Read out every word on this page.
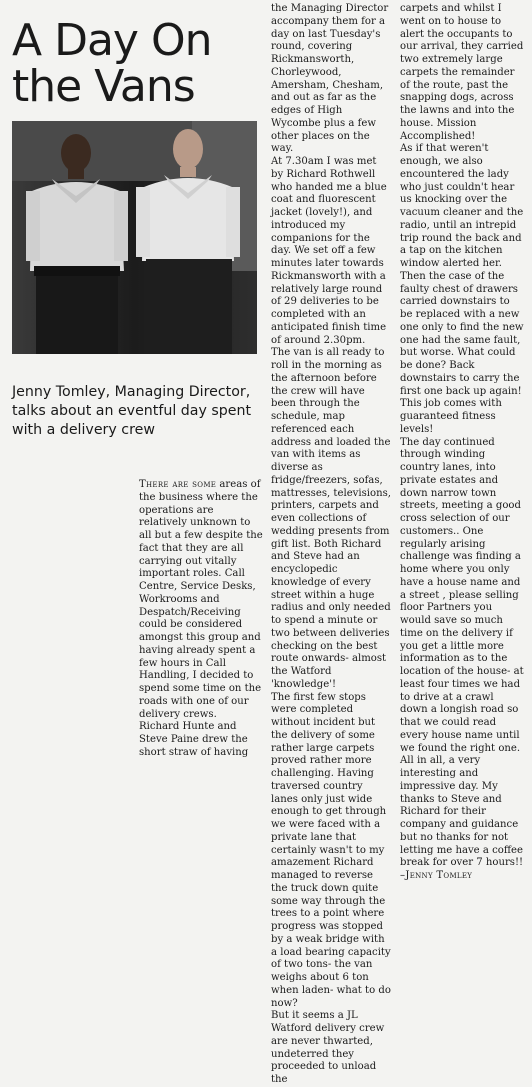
A Day On the Vans

Jenny Tomley, Managing Director, talks about an eventful day spent with a delivery crew

There are some areas of the business where the operations are relatively unknown to all but a few despite the fact that they are all carrying out vitally important roles. Call Centre, Service Desks, Workrooms and Despatch/Receiving could be considered amongst this group and having already spent a few hours in Call Handling, I decided to spend some time on the roads with one of our delivery crews.

Richard Hunte and Steve Paine drew the short straw of having

the Managing Director accompany them for a day on last Tuesday's round, covering Rickmansworth, Chorleywood, Amersham, Chesham, and out as far as the edges of High Wycombe plus a few other places on the way.

At 7.30am I was met by Richard Rothwell who handed me a blue coat and fluorescent jacket (lovely!), and introduced my companions for the day. We set off a few minutes later towards Rickmansworth with a relatively large round of 29 deliveries to be completed with an anticipated finish time of around 2.30pm.

The van is all ready to roll in the morning as the afternoon before the crew will have been through the schedule, map referenced each address and loaded the van with items as diverse as fridge/freezers, sofas, mattresses, televisions, printers, carpets and even collections of wedding presents from gift list. Both Richard and Steve had an encyclopedic knowledge of every street within a huge radius and only needed to spend a minute or two between deliveries checking on the best route onwards- almost the Watford 'knowledge'!

The first few stops were completed without incident but the delivery of some rather large carpets proved rather more challenging. Having traversed country lanes only just wide enough to get through we were faced with a private lane that certainly wasn't to my amazement Richard managed to reverse the truck down quite some way through the trees to a point where progress was stopped by a weak bridge with a load bearing capacity of two tons- the van weighs about 6 ton when laden- what to do now?

But it seems a JL Watford delivery crew are never thwarted, undeterred they proceeded to unload the

carpets and whilst I went on to house to alert the occupants to our arrival, they carried two extremely large carpets the remainder of the route, past the snapping dogs, across the lawns and into the house. Mission Accomplished!

As if that weren't enough, we also encountered the lady who just couldn't hear us knocking over the vacuum cleaner and the radio, until an intrepid trip round the back and a tap on the kitchen window alerted her.

Then the case of the faulty chest of drawers carried downstairs to be replaced with a new one only to find the new one had the same fault, but worse. What could be done? Back downstairs to carry the first one back up again! This job comes with guaranteed fitness levels!

The day continued through winding country lanes, into private estates and down narrow town streets, meeting a good cross selection of our customers.. One regularly arising challenge was finding a home where you only have a house name and a street , please selling floor Partners you would save so much time on the delivery if you get a little more information as to the location of the house- at least four times we had to drive at a crawl down a longish road so that we could read every house name until we found the right one.

All in all, a very interesting and impressive day. My thanks to Steve and Richard for their company and guidance but no thanks for not letting me have a coffee break for over 7 hours!!

–Jenny Tomley
